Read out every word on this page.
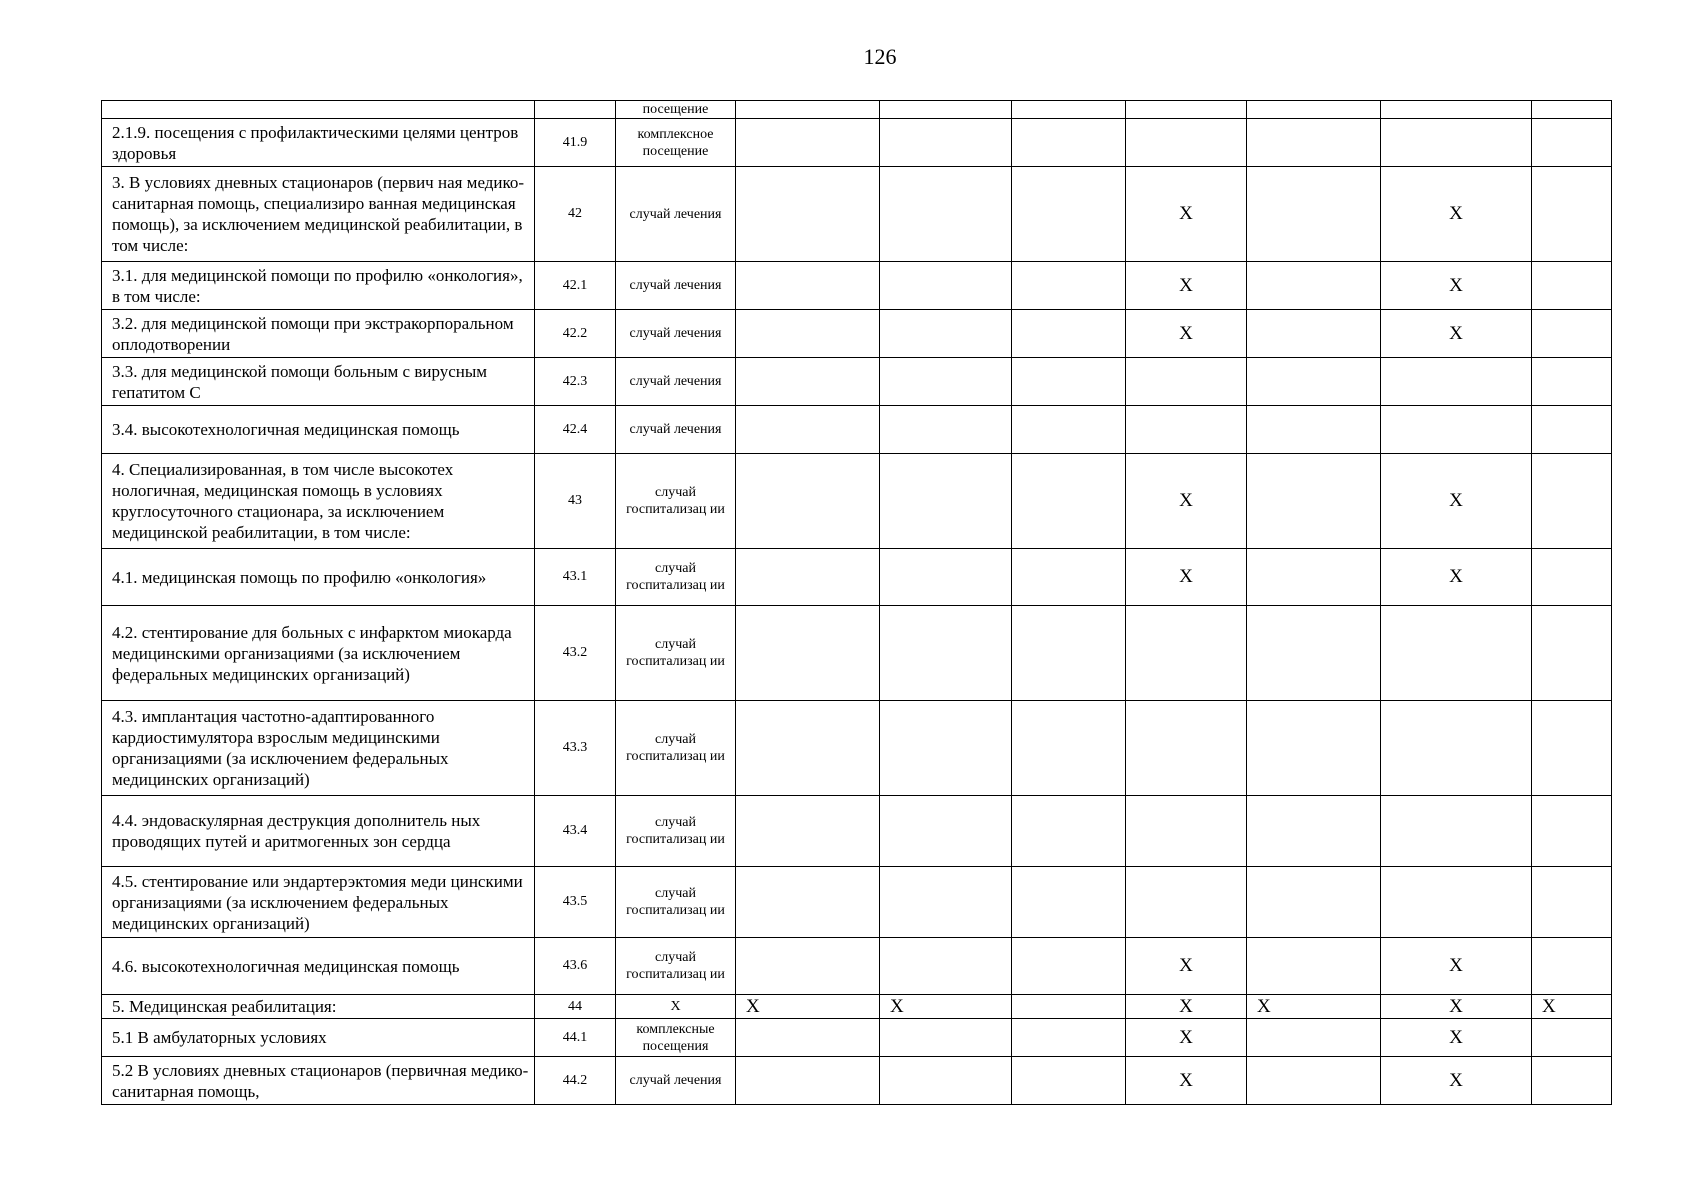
126
		посещение							
2.1.9. посещения с профилактическими целями центров здоровья	41.9	комплексное посещение							
3. В условиях дневных стационаров (первич ная медико-санитарная помощь, специализиро ванная медицинская помощь), за исключением медицинской реабилитации, в том числе:	42	случай лечения				Х		Х	
3.1. для медицинской помощи по профилю «онкология», в том числе:	42.1	случай лечения				Х		Х	
3.2. для медицинской помощи при экстракорпоральном оплодотворении	42.2	случай лечения				Х		Х	
3.3. для медицинской помощи больным с вирусным гепатитом С	42.3	случай лечения							
3.4. высокотехнологичная медицинская помощь	42.4	случай лечения							
4. Специализированная, в том числе высокотех нологичная, медицинская помощь в условиях круглосуточного стационара, за исключением медицинской реабилитации, в том числе:	43	случай госпитализац ии				Х		Х	
4.1. медицинская помощь по профилю «онкология»	43.1	случай госпитализац ии				Х		Х	
4.2. стентирование для больных с инфарктом миокарда медицинскими организациями (за исключением федеральных медицинских организаций)	43.2	случай госпитализац ии							
4.3. имплантация частотно-адаптированного кардиостимулятора взрослым медицинскими организациями (за исключением федеральных медицинских организаций)	43.3	случай госпитализац ии							
4.4. эндоваскулярная деструкция дополнитель ных проводящих путей и аритмогенных зон сердца	43.4	случай госпитализац ии							
4.5. стентирование или эндартерэктомия меди цинскими организациями (за исключением федеральных медицинских организаций)	43.5	случай госпитализац ии							
4.6. высокотехнологичная медицинская помощь	43.6	случай госпитализац ии				Х		Х	
5. Медицинская реабилитация:	44	Х	Х	Х		Х	Х	Х	Х
5.1 В амбулаторных условиях	44.1	комплексные посещения				Х		Х	
5.2 В условиях дневных стационаров (первичная медико-санитарная помощь,	44.2	случай лечения				Х		Х	
